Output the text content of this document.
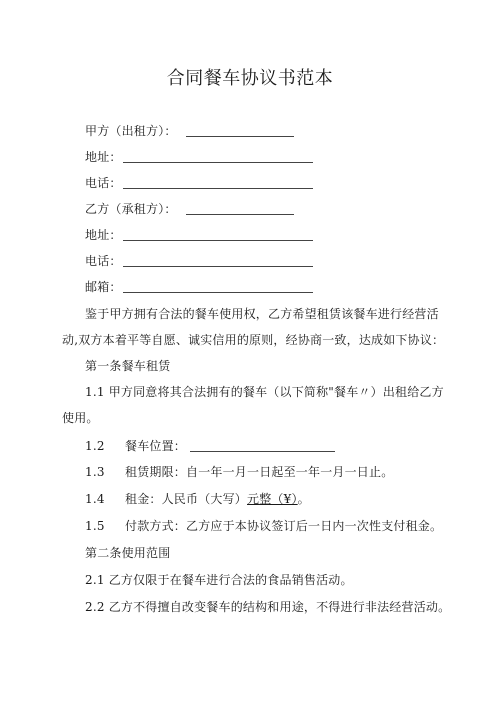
合同餐车协议书范本
甲方（出租方）：
地址：
电话：
乙方（承租方）：
地址：
电话：
邮箱：
鉴于甲方拥有合法的餐车使用权，乙方希望租赁该餐车进行经营活
动,双方本着平等自愿、诚实信用的原则，经协商一致，达成如下协议：
第一条餐车租赁
1.1 甲方同意将其合法拥有的餐车（以下简称"餐车〃）出租给乙方
使用。
1.2 餐车位置：
1.3 租赁期限：自一年一月一日起至一年一月一日止。
1.4 租金：人民币（大写）元整（¥）。
1.5 付款方式：乙方应于本协议签订后一日内一次性支付租金。
第二条使用范围
2.1 乙方仅限于在餐车进行合法的食品销售活动。
2.2 乙方不得擅自改变餐车的结构和用途，不得进行非法经营活动。
